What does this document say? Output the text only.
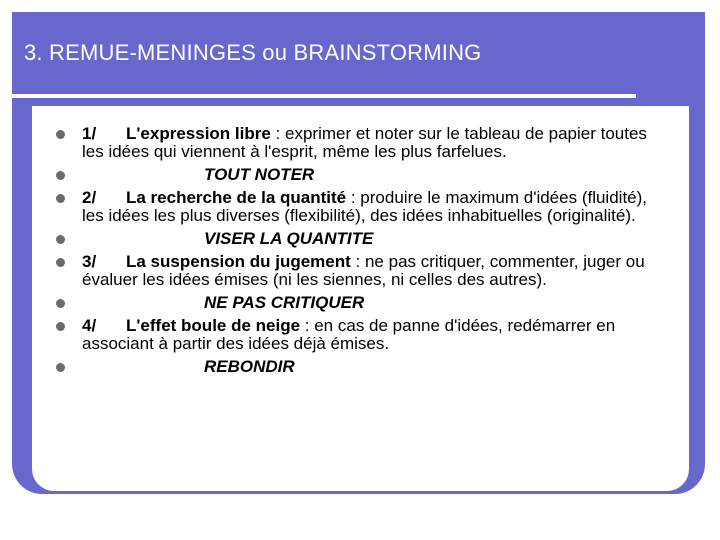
3. REMUE-MENINGES ou BRAINSTORMING
1/ L'expression libre : exprimer et noter sur le tableau de papier toutes les idées qui viennent à l'esprit, même les plus farfelues.
TOUT NOTER
2/ La recherche de la quantité : produire le maximum d'idées (fluidité), les idées les plus diverses (flexibilité), des idées inhabituelles (originalité).
VISER LA QUANTITE
3/ La suspension du jugement : ne pas critiquer, commenter, juger ou évaluer les idées émises (ni les siennes, ni celles des autres).
NE PAS CRITIQUER
4/ L'effet boule de neige : en cas de panne d'idées, redémarrer en associant à partir des idées déjà émises.
REBONDIR
